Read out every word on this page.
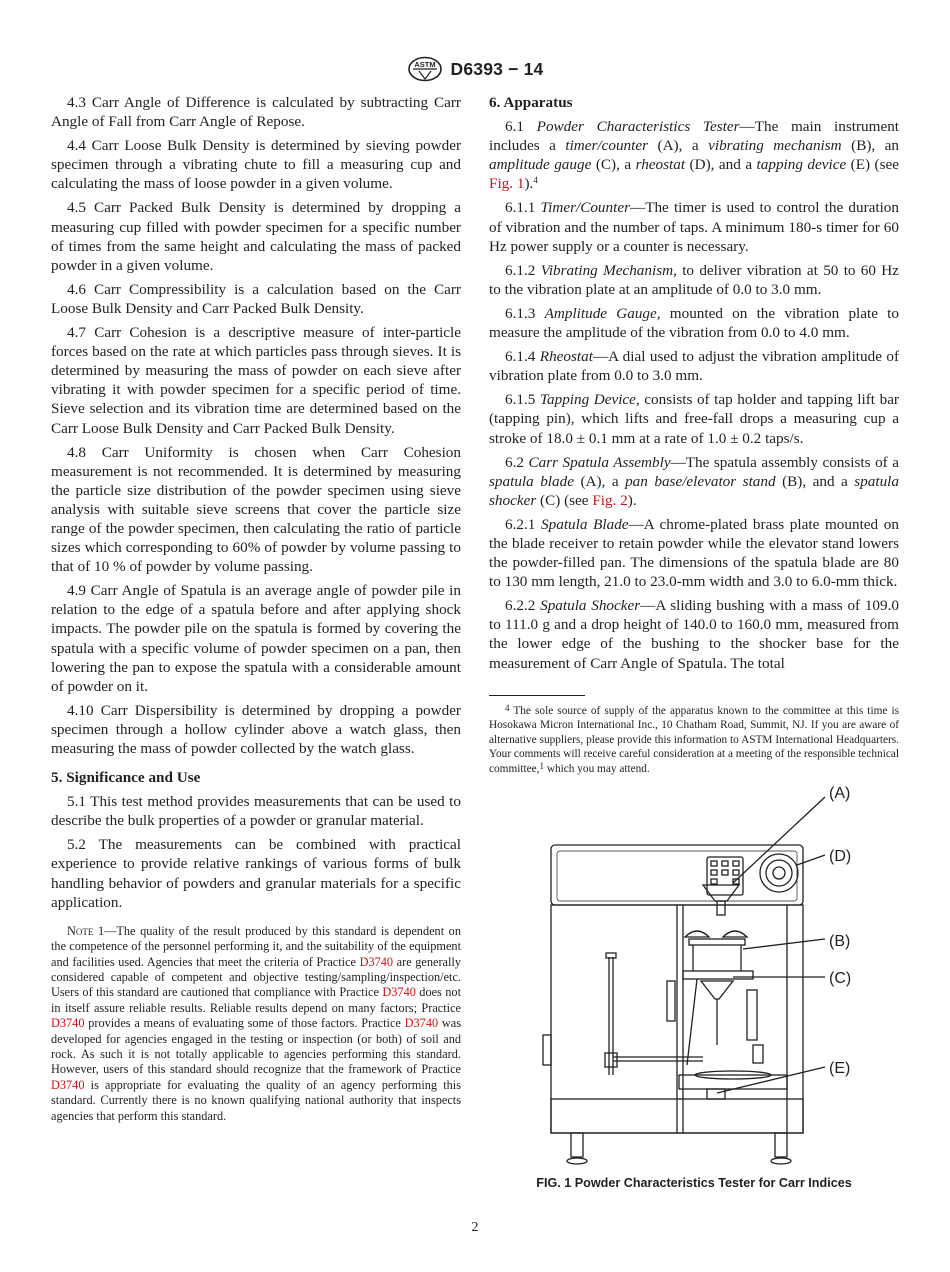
ASTM D6393 − 14

4.3 Carr Angle of Difference is calculated by subtracting Carr Angle of Fall from Carr Angle of Repose.

4.4 Carr Loose Bulk Density is determined by sieving powder specimen through a vibrating chute to fill a measuring cup and calculating the mass of loose powder in a given volume.

4.5 Carr Packed Bulk Density is determined by dropping a measuring cup filled with powder specimen for a specific number of times from the same height and calculating the mass of packed powder in a given volume.

4.6 Carr Compressibility is a calculation based on the Carr Loose Bulk Density and Carr Packed Bulk Density.

4.7 Carr Cohesion is a descriptive measure of inter-particle forces based on the rate at which particles pass through sieves. It is determined by measuring the mass of powder on each sieve after vibrating it with powder specimen for a specific period of time. Sieve selection and its vibration time are determined based on the Carr Loose Bulk Density and Carr Packed Bulk Density.

4.8 Carr Uniformity is chosen when Carr Cohesion measurement is not recommended. It is determined by measuring the particle size distribution of the powder specimen using sieve analysis with suitable sieve screens that cover the particle size range of the powder specimen, then calculating the ratio of particle sizes which corresponding to 60% of powder by volume passing to that of 10 % of powder by volume passing.

4.9 Carr Angle of Spatula is an average angle of powder pile in relation to the edge of a spatula before and after applying shock impacts. The powder pile on the spatula is formed by covering the spatula with a specific volume of powder specimen on a pan, then lowering the pan to expose the spatula with a considerable amount of powder on it.

4.10 Carr Dispersibility is determined by dropping a powder specimen through a hollow cylinder above a watch glass, then measuring the mass of powder collected by the watch glass.

5. Significance and Use

5.1 This test method provides measurements that can be used to describe the bulk properties of a powder or granular material.

5.2 The measurements can be combined with practical experience to provide relative rankings of various forms of bulk handling behavior of powders and granular materials for a specific application.

Note 1—The quality of the result produced by this standard is dependent on the competence of the personnel performing it, and the suitability of the equipment and facilities used. Agencies that meet the criteria of Practice D3740 are generally considered capable of competent and objective testing/sampling/inspection/etc. Users of this standard are cautioned that compliance with Practice D3740 does not in itself assure reliable results. Reliable results depend on many factors; Practice D3740 provides a means of evaluating some of those factors. Practice D3740 was developed for agencies engaged in the testing or inspection (or both) of soil and rock. As such it is not totally applicable to agencies performing this standard. However, users of this standard should recognize that the framework of Practice D3740 is appropriate for evaluating the quality of an agency performing this standard. Currently there is no known qualifying national authority that inspects agencies that perform this standard.
6. Apparatus

6.1 Powder Characteristics Tester—The main instrument includes a timer/counter (A), a vibrating mechanism (B), an amplitude gauge (C), a rheostat (D), and a tapping device (E) (see Fig. 1).$^4$

6.1.1 Timer/Counter—The timer is used to control the duration of vibration and the number of taps. A minimum 180-s timer for 60 Hz power supply or a counter is necessary.

6.1.2 Vibrating Mechanism, to deliver vibration at 50 to 60 Hz to the vibration plate at an amplitude of 0.0 to 3.0 mm.

6.1.3 Amplitude Gauge, mounted on the vibration plate to measure the amplitude of the vibration from 0.0 to 4.0 mm.

6.1.4 Rheostat—A dial used to adjust the vibration amplitude of vibration plate from 0.0 to 3.0 mm.

6.1.5 Tapping Device, consists of tap holder and tapping lift bar (tapping pin), which lifts and free-fall drops a measuring cup a stroke of 18.0 ± 0.1 mm at a rate of 1.0 ± 0.2 taps/s.

6.2 Carr Spatula Assembly—The spatula assembly consists of a spatula blade (A), a pan base/elevator stand (B), and a spatula shocker (C) (see Fig. 2).

6.2.1 Spatula Blade—A chrome-plated brass plate mounted on the blade receiver to retain powder while the elevator stand lowers the powder-filled pan. The dimensions of the spatula blade are 80 to 130 mm length, 21.0 to 23.0-mm width and 3.0 to 6.0-mm thick.

6.2.2 Spatula Shocker—A sliding bushing with a mass of 109.0 to 111.0 g and a drop height of 140.0 to 160.0 mm, measured from the lower edge of the bushing to the shocker base for the measurement of Carr Angle of Spatula. The total

$^4$ The sole source of supply of the apparatus known to the committee at this time is Hosokawa Micron International Inc., 10 Chatham Road, Summit, NJ. If you are aware of alternative suppliers, please provide this information to ASTM International Headquarters. Your comments will receive careful consideration at a meeting of the responsible technical committee,$^1$ which you may attend.
(A)
(D)
(B)
(C)
(E)
FIG. 1 Powder Characteristics Tester for Carr Indices
2
